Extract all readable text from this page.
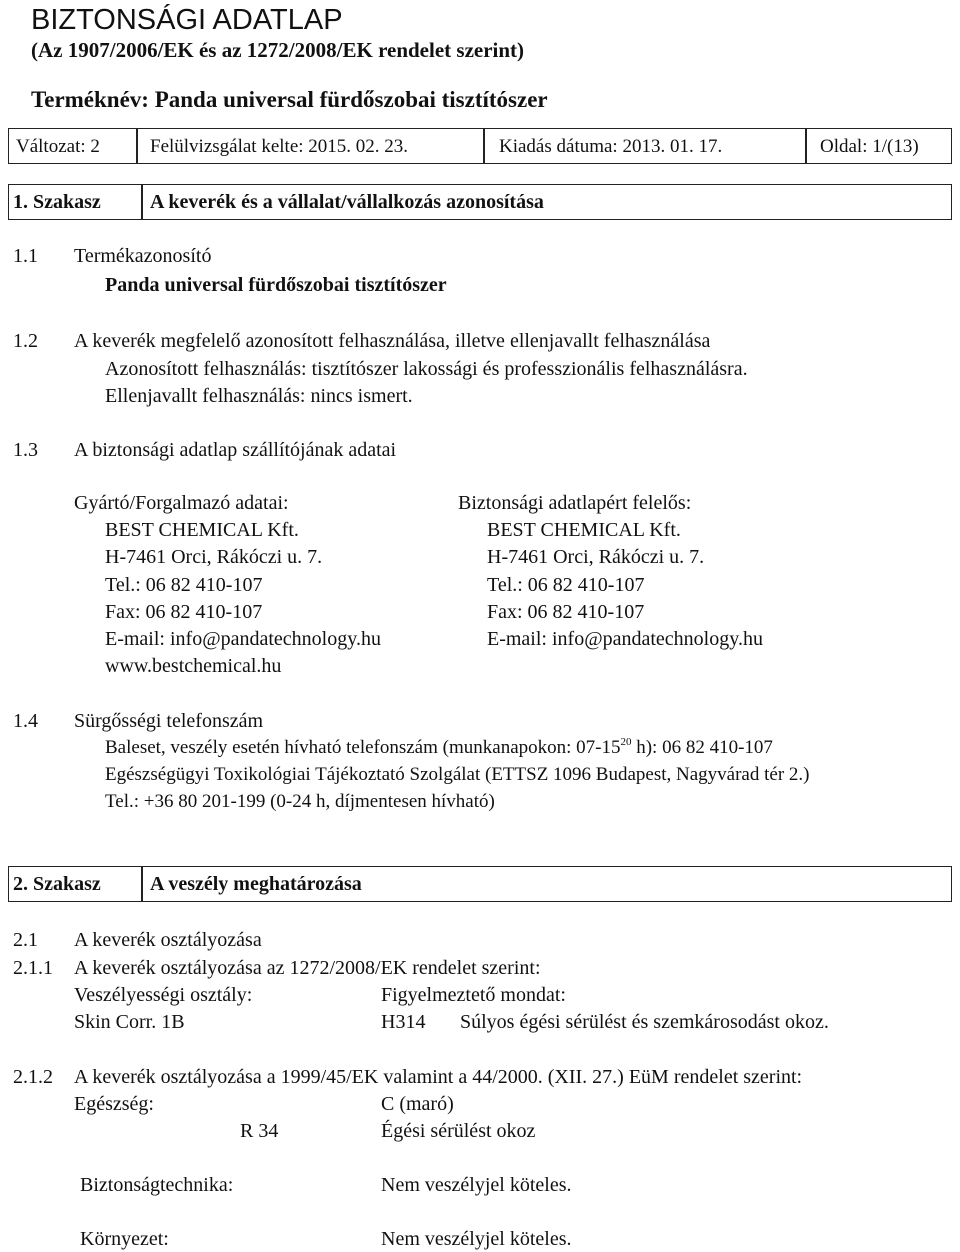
BIZTONSÁGI ADATLAP
(Az 1907/2006/EK és az 1272/2008/EK rendelet szerint)
Terméknév: Panda universal fürdőszobai tisztítószer
Változat: 2	Felülvizsgálat kelte: 2015. 02. 23.	Kiadás dátuma: 2013. 01. 17.	Oldal: 1/(13)
1. Szakasz A keverék és a vállalat/vállalkozás azonosítása
1.1 Termékazonosító
Panda universal fürdőszobai tisztítószer
1.2 A keverék megfelelő azonosított felhasználása, illetve ellenjavallt felhasználása
Azonosított felhasználás: tisztítószer lakossági és professzionális felhasználásra.
Ellenjavallt felhasználás: nincs ismert.
1.3 A biztonsági adatlap szállítójának adatai
Gyártó/Forgalmazó adatai:
BEST CHEMICAL Kft.
H-7461 Orci, Rákóczi u. 7.
Tel.: 06 82 410-107
Fax: 06 82 410-107
E-mail: info@pandatechnology.hu
www.bestchemical.hu
Biztonsági adatlapért felelős:
BEST CHEMICAL Kft.
H-7461 Orci, Rákóczi u. 7.
Tel.: 06 82 410-107
Fax: 06 82 410-107
E-mail: info@pandatechnology.hu
1.4 Sürgősségi telefonszám
Baleset, veszély esetén hívható telefonszám (munkanapokon: $07-15^{20}$ h): 06 82 410-107
Egészségügyi Toxikológiai Tájékoztató Szolgálat (ETTSZ 1096 Budapest, Nagyvárad tér 2.)
Tel.: +36 80 201-199 (0-24 h, díjmentesen hívható)
2. Szakasz A veszély meghatározása
2.1 A keverék osztályozása
2.1.1 A keverék osztályozása az 1272/2008/EK rendelet szerint:
Veszélyességi osztály:	Figyelmeztető mondat:
Skin Corr. 1B	H314 Súlyos égési sérülést és szemkárosodást okoz.
2.1.2 A keverék osztályozása a 1999/45/EK valamint a 44/2000. (XII. 27.) EüM rendelet szerint:
Egészség:	C (maró)
R 34	Égési sérülést okoz
Biztonságtechnika:	Nem veszélyjel köteles.
Környezet:	Nem veszélyjel köteles.
